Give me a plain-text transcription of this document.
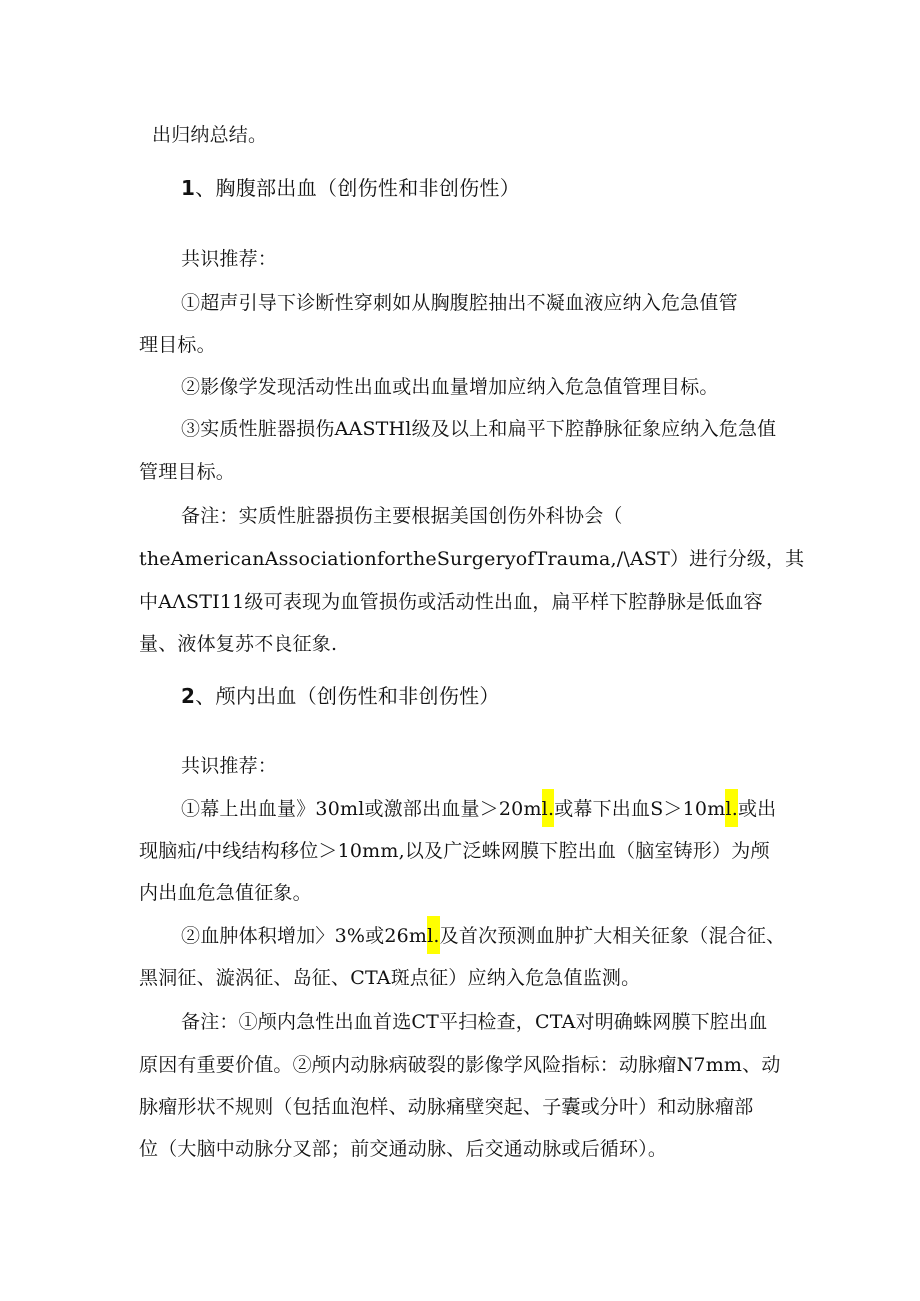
出归纳总结。
1、胸腹部出血（创伤性和非创伤性）
共识推荐：
①超声引导下诊断性穿刺如从胸腹腔抽出不凝血液应纳入危急值管
理目标。
②影像学发现活动性出血或出血量增加应纳入危急值管理目标。
③实质性脏器损伤AASTHl级及以上和扁平下腔静脉征象应纳入危急值
管理目标。
备注：实质性脏器损伤主要根据美国创伤外科协会（
theAmericanAssociationfortheSurgeryofTrauma,/\AST）进行分级，其
中AΛSTI11级可表现为血管损伤或活动性出血，扁平样下腔静脉是低血容
量、液体复苏不良征象.
2、颅内出血（创伤性和非创伤性）
共识推荐：
①幕上出血量》30ml或激部出血量＞20ml.或幕下出血S＞10ml.或出
现脑疝/中线结构移位＞10mm,以及广泛蛛网膜下腔出血（脑室铸形）为颅
内出血危急值征象。
②血肿体积增加〉3%或26ml.及首次预测血肿扩大相关征象（混合征、
黑洞征、漩涡征、岛征、CTA斑点征）应纳入危急值监测。
备注：①颅内急性出血首选CT平扫检查，CTA对明确蛛网膜下腔出血
原因有重要价值。②颅内动脉病破裂的影像学风险指标：动脉瘤N7mm、动
脉瘤形状不规则（包括血泡样、动脉痛壁突起、子囊或分叶）和动脉瘤部
位（大脑中动脉分叉部；前交通动脉、后交通动脉或后循环）。
